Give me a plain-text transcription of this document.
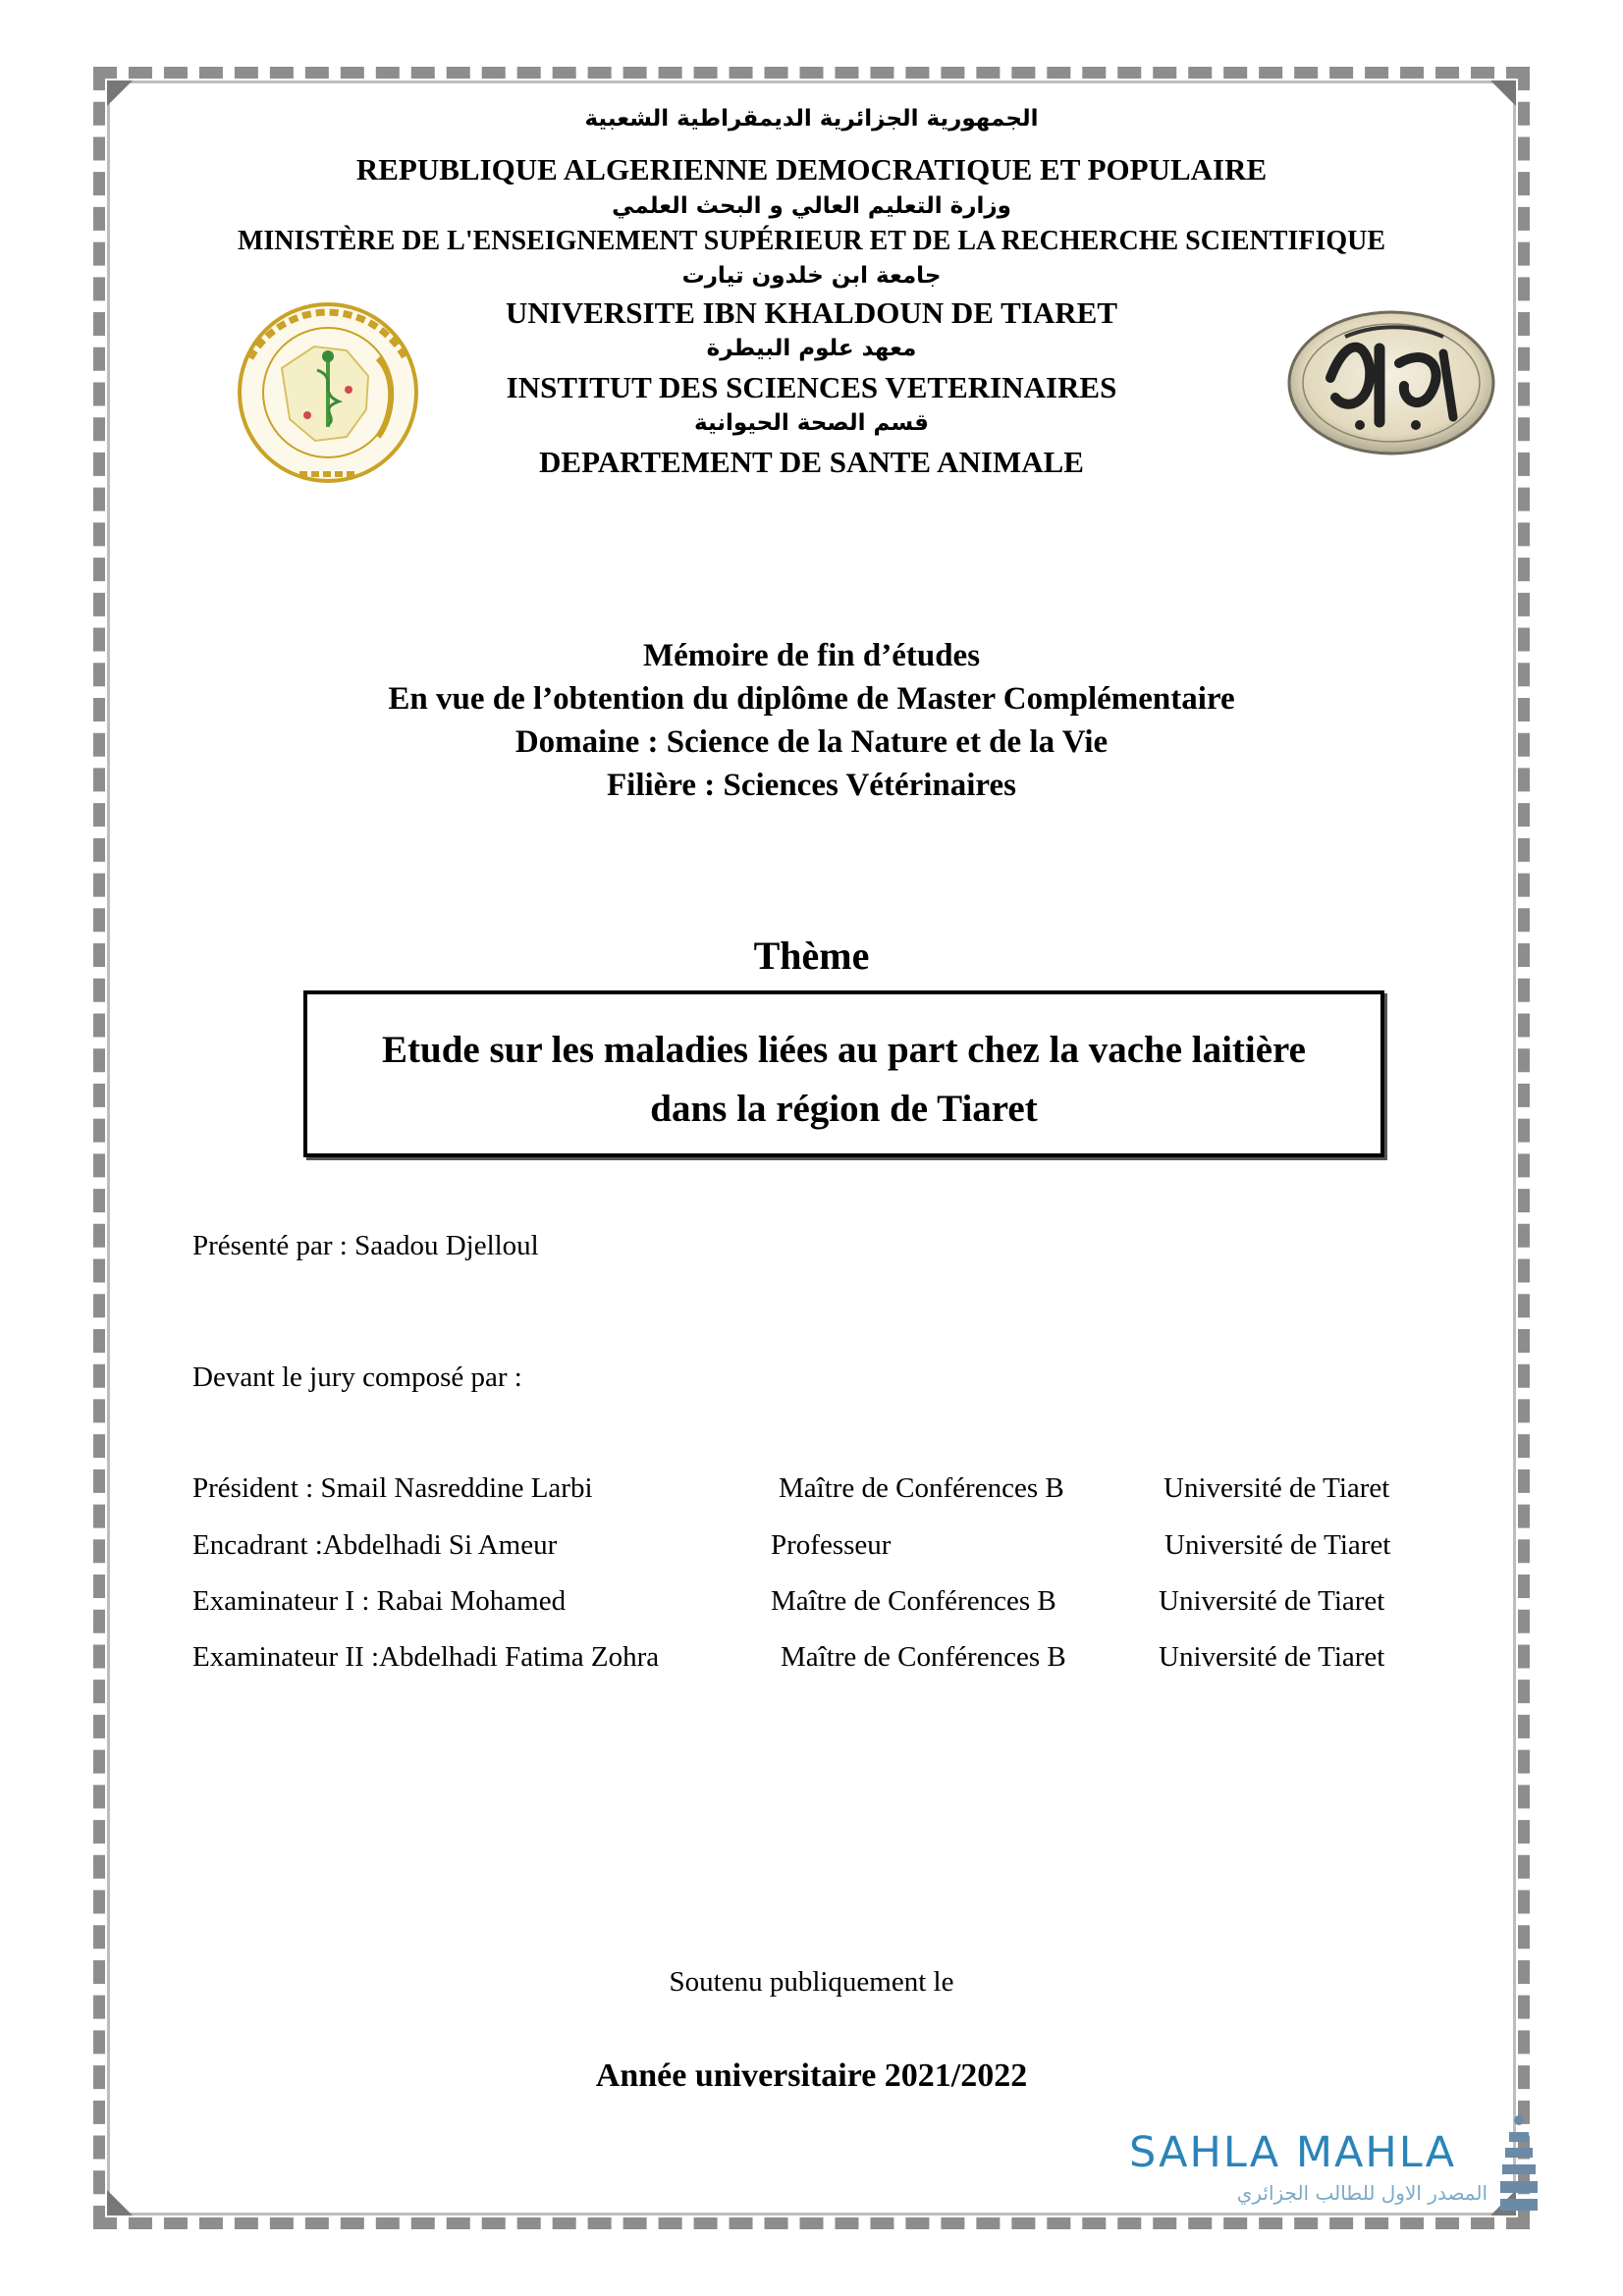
الجمهورية الجزائرية الديمقراطية الشعبية
REPUBLIQUE ALGERIENNE DEMOCRATIQUE ET POPULAIRE
وزارة التعليم العالي و البحث العلمي
MINISTÈRE DE L'ENSEIGNEMENT SUPÉRIEUR ET DE LA RECHERCHE SCIENTIFIQUE
جامعة ابن خلدون تيارت
UNIVERSITE IBN KHALDOUN DE TIARET
معهد علوم البيطرة
INSTITUT DES SCIENCES VETERINAIRES
قسم الصحة الحيوانية
DEPARTEMENT DE SANTE ANIMALE
Mémoire de fin d’études
En vue de l’obtention du diplôme de Master Complémentaire
Domaine : Science de la Nature et de la Vie
Filière : Sciences Vétérinaires
Thème
Etude sur les maladies liées au part chez la vache laitière
dans la région de Tiaret
Présenté par : Saadou Djelloul
Devant le jury composé par :
Président : Smail Nasreddine Larbi	Maître de Conférences B	Université de Tiaret
Encadrant :Abdelhadi Si Ameur	Professeur	Université de Tiaret
Examinateur I : Rabai Mohamed	Maître de Conférences B	Université de Tiaret
Examinateur II :Abdelhadi Fatima Zohra	Maître de Conférences B	Université de Tiaret
Soutenu publiquement le
Année universitaire 2021/2022
SAHLA MAHLA
المصدر الاول للطالب الجزائري
